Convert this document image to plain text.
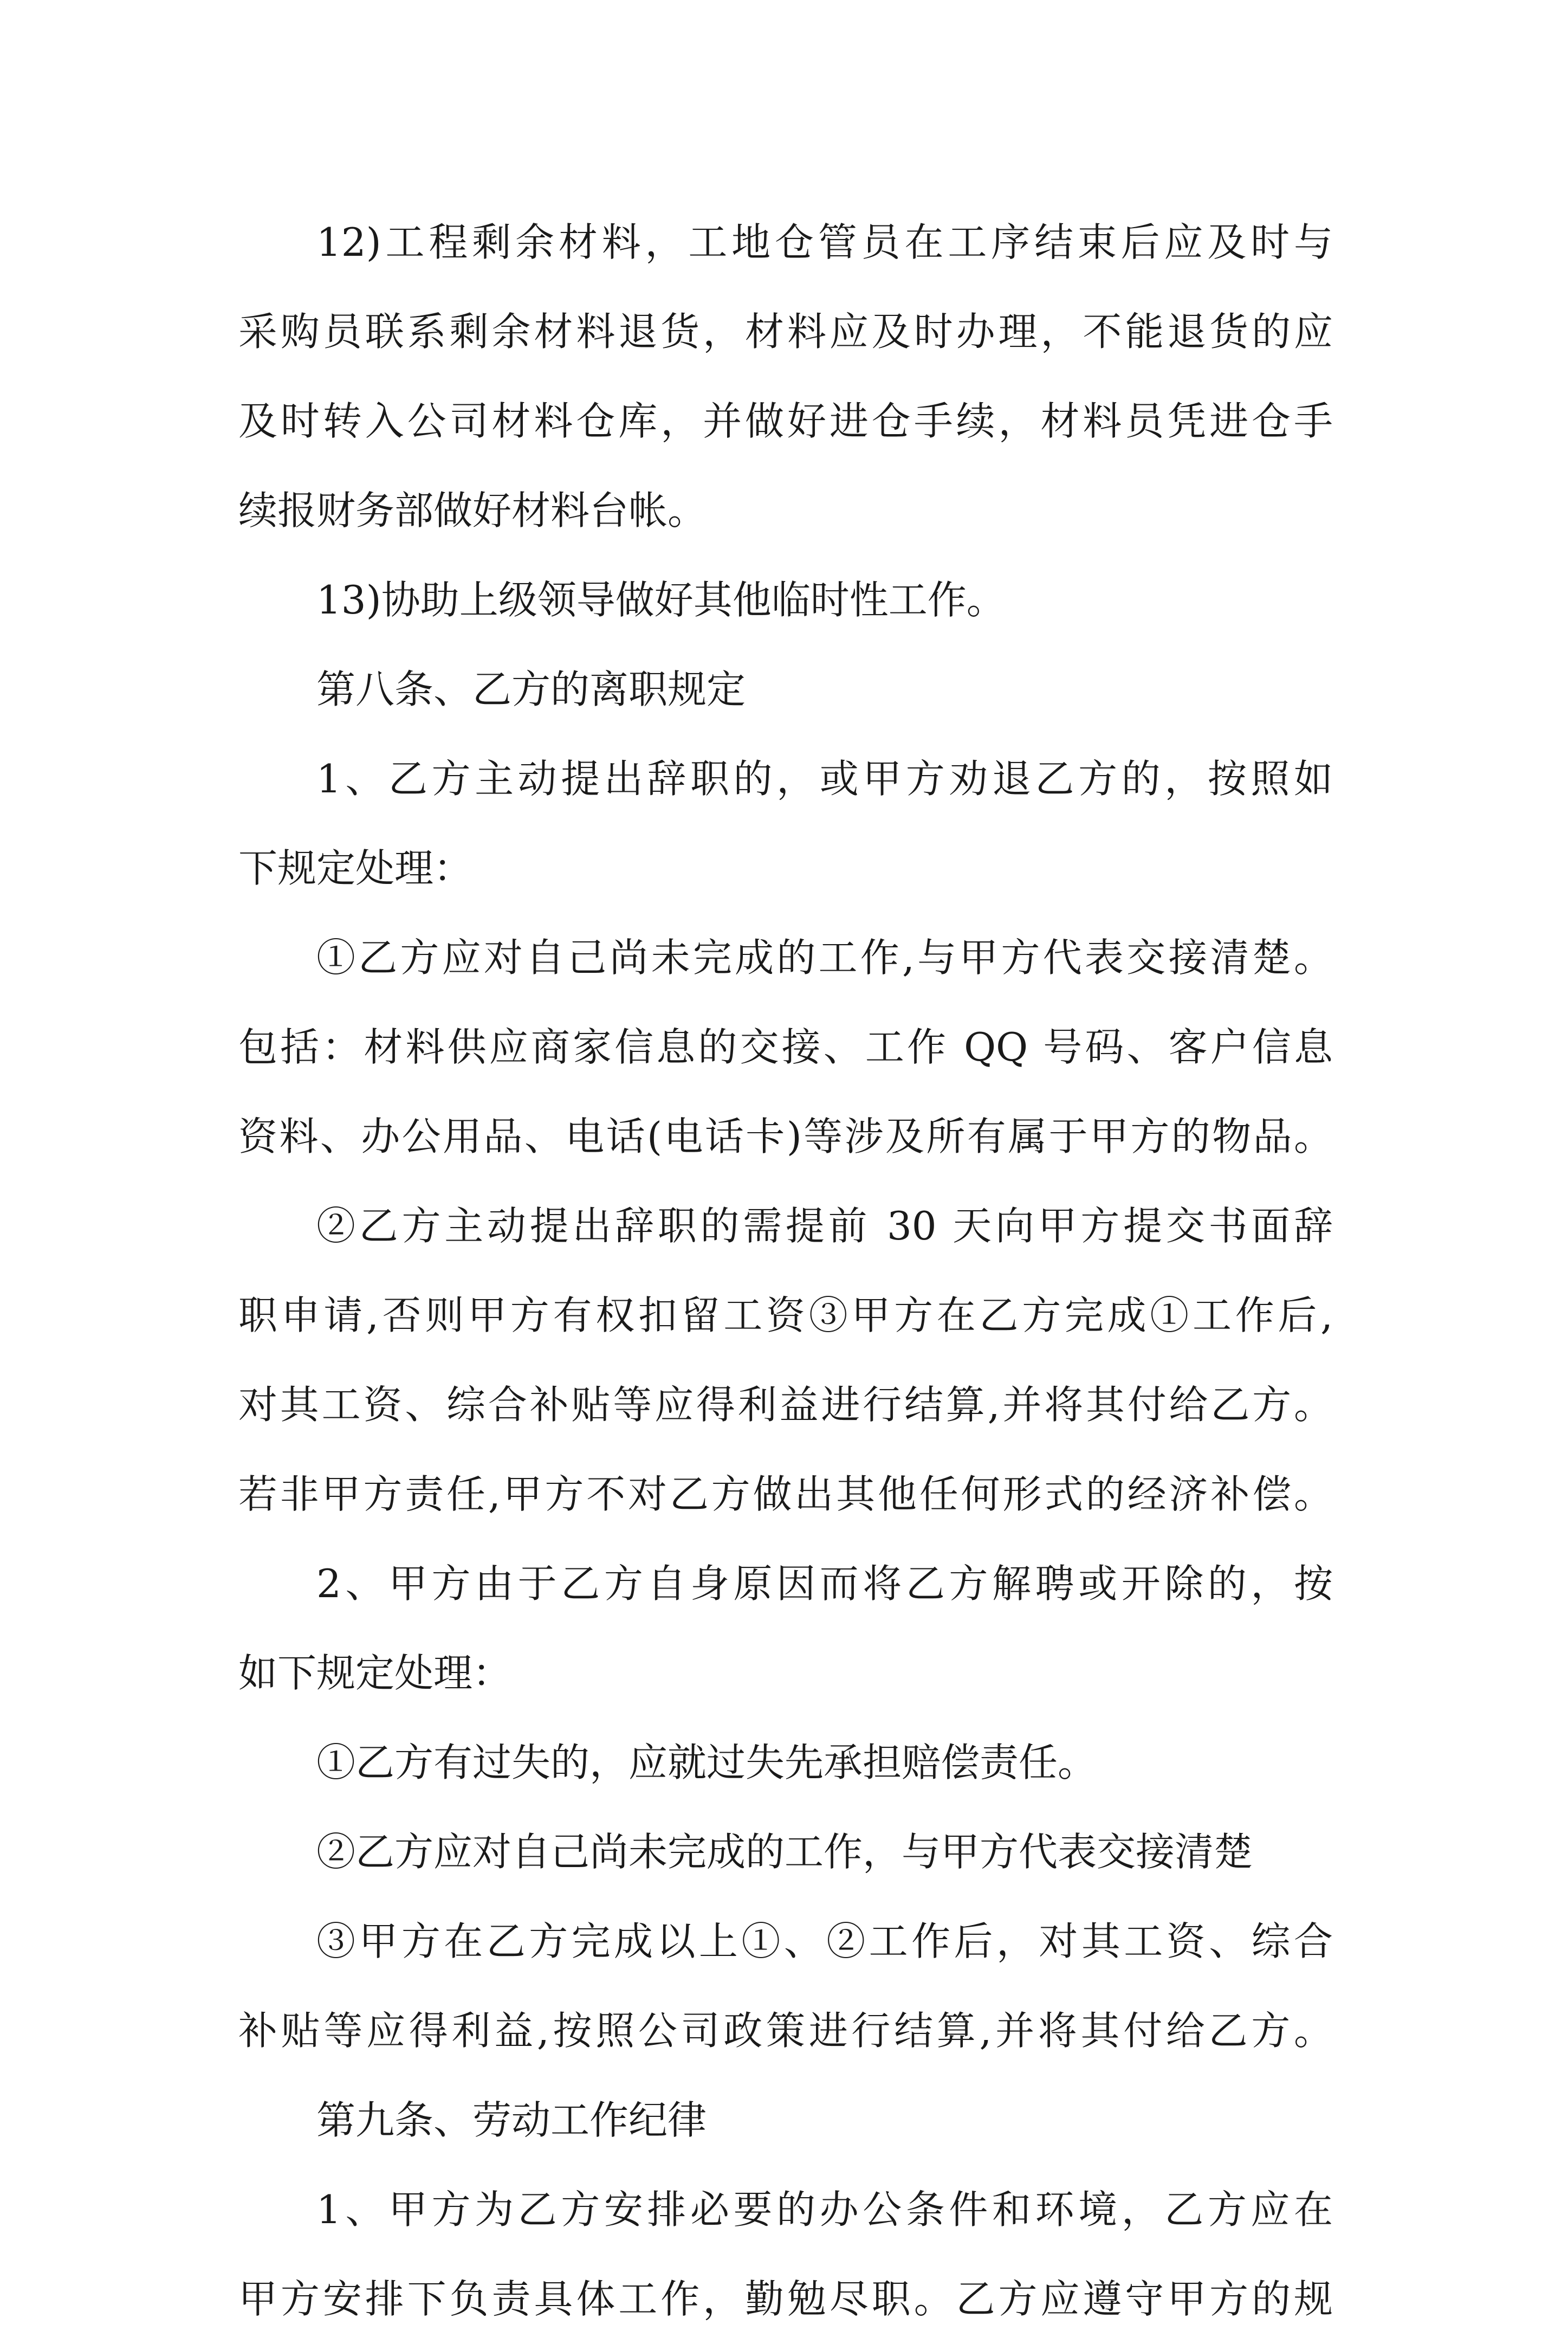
12)工程剩余材料，工地仓管员在工序结束后应及时与
采购员联系剩余材料退货，材料应及时办理，不能退货的应
及时转入公司材料仓库，并做好进仓手续，材料员凭进仓手
续报财务部做好材料台帐。
13)协助上级领导做好其他临时性工作。
第八条、乙方的离职规定
1、乙方主动提出辞职的，或甲方劝退乙方的，按照如
下规定处理：
①乙方应对自己尚未完成的工作,与甲方代表交接清楚。
包括：材料供应商家信息的交接、工作 QQ 号码、客户信息
资料、办公用品、电话(电话卡)等涉及所有属于甲方的物品。
②乙方主动提出辞职的需提前 30 天向甲方提交书面辞
职申请,否则甲方有权扣留工资③甲方在乙方完成①工作后,
对其工资、综合补贴等应得利益进行结算,并将其付给乙方。
若非甲方责任,甲方不对乙方做出其他任何形式的经济补偿。
2、甲方由于乙方自身原因而将乙方解聘或开除的，按
如下规定处理：
①乙方有过失的，应就过失先承担赔偿责任。
②乙方应对自己尚未完成的工作，与甲方代表交接清楚
③甲方在乙方完成以上①、②工作后，对其工资、综合
补贴等应得利益,按照公司政策进行结算,并将其付给乙方。
第九条、劳动工作纪律
1、甲方为乙方安排必要的办公条件和环境，乙方应在
甲方安排下负责具体工作，勤勉尽职。乙方应遵守甲方的规
